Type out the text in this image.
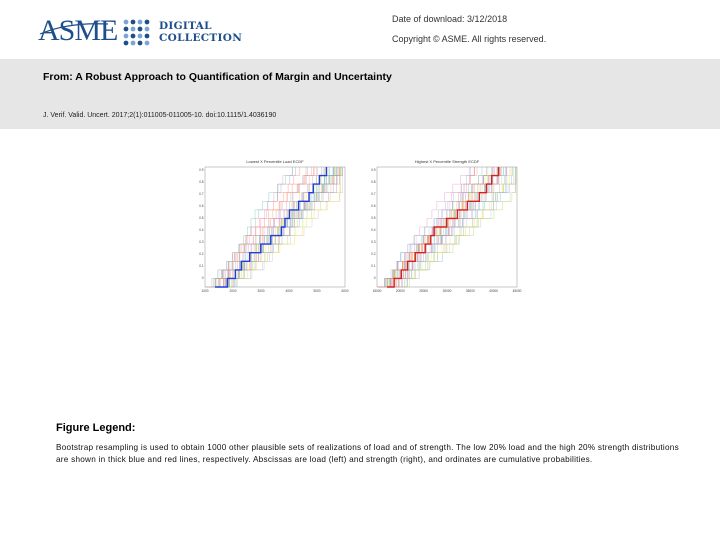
ASME	DIGITAL
COLLECTION
Date of download: 3/12/2018
Copyright © ASME. All rights reserved.
From: A Robust Approach to Quantification of Margin and Uncertainty
J. Verif. Valid. Uncert. 2017;2(1):011005-011005-10. doi:10.1115/1.4036190
Lowest X Percentile Load ECDF
0.9
0.8
0.7
0.6
0.5
0.4
0.3
0.2
0.1
0
1000	2000	3000	4000	5000	6000
Highest X Percentile Strength ECDF
0.9
0.8
0.7
0.6
0.5
0.4
0.3
0.2
0.1
0
15000	20000	25000	30000	35000	40000	45000
Figure Legend:
Bootstrap resampling is used to obtain 1000 other plausible sets of realizations of load and of strength. The low 20% load and the high 20% strength distributions are shown in thick blue and red lines, respectively. Abscissas are load (left) and strength (right), and ordinates are cumulative probabilities.
